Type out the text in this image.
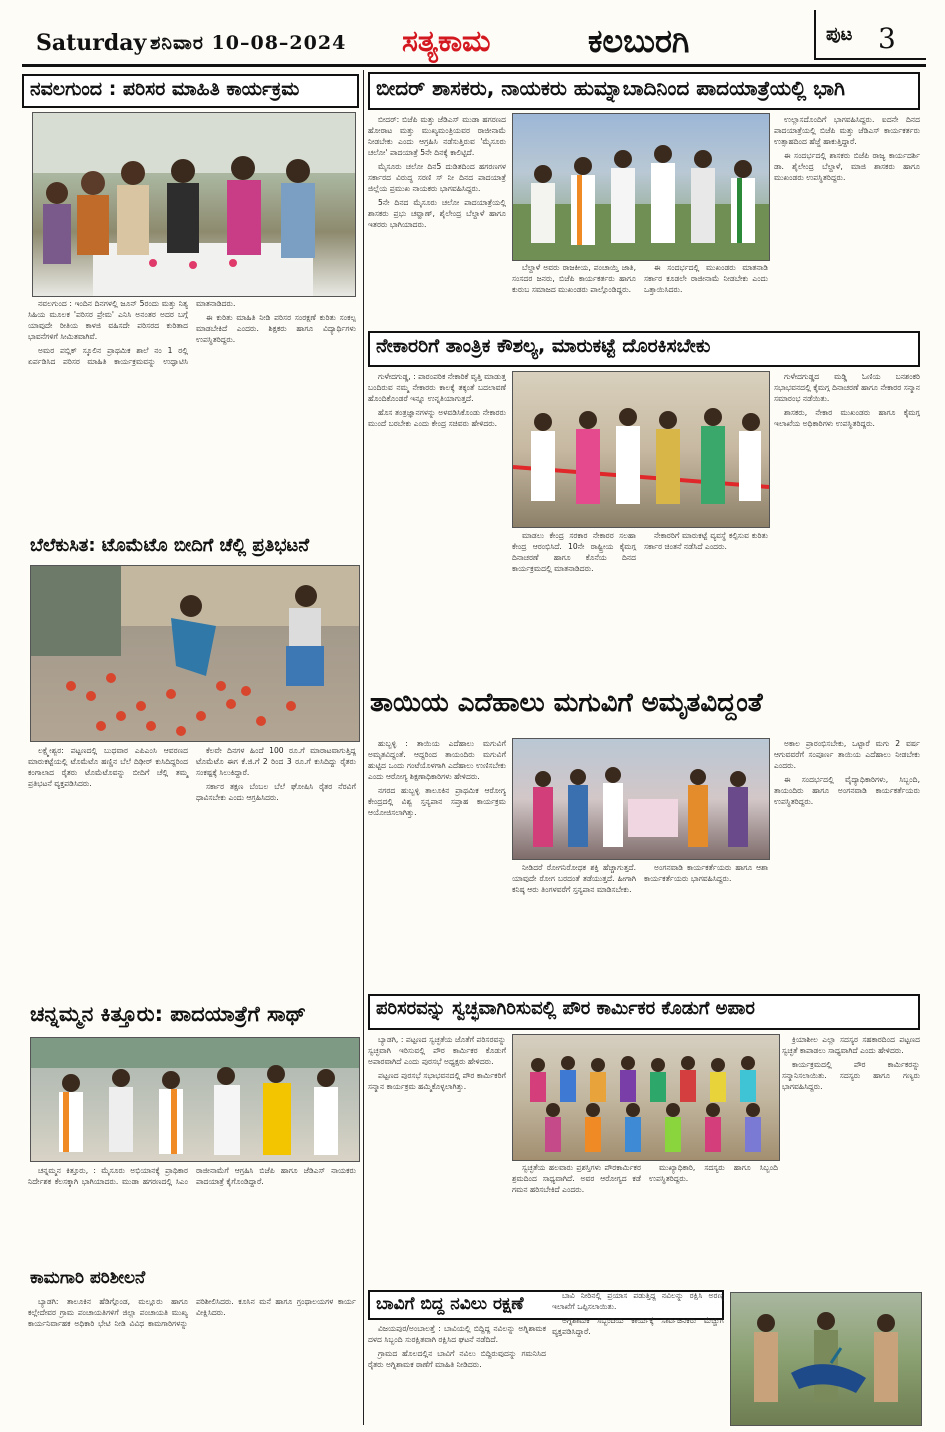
Saturday ಶನಿವಾರ 10–08–2024 ಸತ್ಯಕಾಮ	ಕಲಬುರಗಿ	ಪುಟ 3
ನವಲಗುಂದ : ಪರಿಸರ ಮಾಹಿತಿ ಕಾರ್ಯಕ್ರಮ

ನವಲಗುಂದ : ಇಂದಿನ ದಿನಗಳಲ್ಲಿ ಜೂನ್ 5ರಂದು ಮತ್ತು ನಿತ್ಯ ಸಿಹಿಯ ಮೂಲಕ 'ಪರಿಸರ ಪ್ರೇಮ' ಎನಿಸಿ ಅನಂತರ ಅದರ ಬಗ್ಗೆ ಯಾವುದೇ ರೀತಿಯ ಕಾಳಜಿ ವಹಿಸದೇ ಪರಿಸರದ ಕುರಿತಾದ ಭಾವನೆಗಳಿಗೆ ಸೀಮಿತವಾಗಿವೆ.

ಅಮರ ಪಬ್ಲಿಕ್ ಸ್ಕೂಲಿನ ಪ್ರಾಥಮಿಕ ಶಾಲೆ ನಂ 1 ರಲ್ಲಿ ಏರ್ಪಡಿಸಿದ ಪರಿಸರ ಮಾಹಿತಿ ಕಾರ್ಯಕ್ರಮವನ್ನು ಉದ್ಘಾಟಿಸಿ ಮಾತನಾಡಿದರು.

ಈ ಕುರಿತು ಮಾಹಿತಿ ನೀಡಿ ಪರಿಸರ ಸಂರಕ್ಷಣೆ ಕುರಿತು ಸಂಕಲ್ಪ ಮಾಡಬೇಕಿದೆ ಎಂದರು. ಶಿಕ್ಷಕರು ಹಾಗೂ ವಿದ್ಯಾರ್ಥಿಗಳು ಉಪಸ್ಥಿತರಿದ್ದರು.

ಬೆಲೆಕುಸಿತ: ಟೊಮೆಟೊ ಬೀದಿಗೆ ಚೆಲ್ಲಿ ಪ್ರತಿಭಟನೆ

ಲಕ್ಷ್ಮೇಶ್ವರ: ಪಟ್ಟಣದಲ್ಲಿ ಬುಧವಾರ ಎಪಿಎಂಸಿ ಆವರಣದ ಮಾರುಕಟ್ಟೆಯಲ್ಲಿ ಟೊಮೆಟೊ ಹಣ್ಣಿನ ಬೆಲೆ ದಿಢೀರ್ ಕುಸಿದಿದ್ದರಿಂದ ಕಂಗಾಲಾದ ರೈತರು ಟೊಮೆಟೊವನ್ನು ಬೀದಿಗೆ ಚೆಲ್ಲಿ ತಮ್ಮ ಪ್ರತಿಭಟನೆ ವ್ಯಕ್ತಪಡಿಸಿದರು.

ಕೆಲವೇ ದಿನಗಳ ಹಿಂದೆ 100 ರೂ.ಗೆ ಮಾರಾಟವಾಗುತ್ತಿದ್ದ ಟೊಮೆಟೊ ಈಗ ಕೆ.ಜಿ.ಗೆ 2 ರಿಂದ 3 ರೂ.ಗೆ ಕುಸಿದಿದ್ದು ರೈತರು ಸಂಕಷ್ಟಕ್ಕೆ ಸಿಲುಕಿದ್ದಾರೆ.

ಸರ್ಕಾರ ತಕ್ಷಣ ಬೆಂಬಲ ಬೆಲೆ ಘೋಷಿಸಿ ರೈತರ ನೆರವಿಗೆ ಧಾವಿಸಬೇಕು ಎಂದು ಆಗ್ರಹಿಸಿದರು.

ಚನ್ನಮ್ಮನ ಕಿತ್ತೂರು: ಪಾದಯಾತ್ರೆಗೆ ಸಾಥ್

ಚನ್ನಮ್ಮನ ಕಿತ್ತೂರು, : ಮೈಸೂರು ಅಭಿಯಾನಕ್ಕೆ ಪ್ರಾಥಿಕಾರ ನಿರ್ದೇಶಕ ಕೆಲಸಕ್ಕಾಗಿ ಭಾಗಿಯಾದರು. ಮುಡಾ ಹಗರಣದಲ್ಲಿ ಸಿಎಂ ರಾಜೀನಾಮೆಗೆ ಆಗ್ರಹಿಸಿ ಬಿಜೆಪಿ ಹಾಗೂ ಜೆಡಿಎಸ್ ನಾಯಕರು ಪಾದಯಾತ್ರೆ ಕೈಗೊಂಡಿದ್ದಾರೆ.

ಕಾಮಗಾರಿ ಪರಿಶೀಲನೆ

ಬ್ಯಾಡಗಿ: ತಾಲೂಕಿನ ಹೆಡಿಗ್ಗೊಂಡ, ಮಲ್ಲೂರು ಹಾಗೂ ಕಲ್ಲೇದೇವರ ಗ್ರಾಮ ಪಂಚಾಯತಿಗಳಿಗೆ ಜಿಲ್ಲಾ ಪಂಚಾಯತಿ ಮುಖ್ಯ ಕಾರ್ಯನಿರ್ವಾಹಕ ಅಧಿಕಾರಿ ಭೇಟಿ ನೀಡಿ ವಿವಿಧ ಕಾಮಗಾರಿಗಳನ್ನು ಪರಿಶೀಲಿಸಿದರು. ಕೂಸಿನ ಮನೆ ಹಾಗೂ ಗ್ರಂಥಾಲಯಗಳ ಕಾರ್ಯ ವೀಕ್ಷಿಸಿದರು.

ಬೀದರ್ ಶಾಸಕರು, ನಾಯಕರು ಹುಮ್ನಾಬಾದಿನಿಂದ ಪಾದಯಾತ್ರೆಯಲ್ಲಿ ಭಾಗಿ

ಬೀದರ್: ಬಿಜೆಪಿ ಮತ್ತು ಜೆಡಿಎಸ್ ಮುಡಾ ಹಗರಣದ ಹೋರಾಟ ಮತ್ತು ಮುಖ್ಯಮಂತ್ರಿಯವರ ರಾಜೀನಾಮೆ ನೀಡಬೇಕು ಎಂದು ಆಗ್ರಹಿಸಿ ನಡೆಸುತ್ತಿರುವ 'ಮೈಸೂರು ಚಲೋ' ಪಾದಯಾತ್ರೆ 5ನೇ ದಿನಕ್ಕೆ ಕಾಲಿಟ್ಟಿದೆ.

ಮೈಸೂರು ಚಲೋ ದಿನ5 ದುಡಿತದಿಂದ ಹಗರಣಗಳ ಸರ್ಕಾರದ ವಿರುದ್ಧ ಸರಣಿ ಸ್ ನೀ ದಿನದ ಪಾದಯಾತ್ರೆ ಜಿಲ್ಲೆಯ ಪ್ರಮುಖ ನಾಯಕರು ಭಾಗವಹಿಸಿದ್ದರು.

5ನೇ ದಿನದ ಮೈಸೂರು ಚಲೋ ಪಾದಯಾತ್ರೆಯಲ್ಲಿ ಶಾಸಕರು ಪ್ರಭು ಚವ್ಹಾಣ್, ಶೈಲೇಂದ್ರ ಬೆಲ್ದಾಳೆ ಹಾಗೂ ಇತರರು ಭಾಗಿಯಾದರು.

ಬೆಲ್ದಾಳೆ ಅವರು ರಾಜಕೀಯ, ಪಂಚಾಯ್ತಿ ಜಾತಿ, ಸಂಸದರ ಜನರು, ಬಿಜೆಪಿ ಕಾರ್ಯಕರ್ತರು ಹಾಗೂ ಕುರುಬ ಸಮಾಜದ ಮುಖಂಡರು ಪಾಲ್ಗೊಂಡಿದ್ದರು.

ಈ ಸಂದರ್ಭದಲ್ಲಿ ಮುಖಂಡರು ಮಾತನಾಡಿ ಸರ್ಕಾರ ಕೂಡಲೇ ರಾಜೀನಾಮೆ ನೀಡಬೇಕು ಎಂದು ಒತ್ತಾಯಿಸಿದರು.

ಉಲ್ಲಾಸದೊಂದಿಗೆ ಭಾಗವಹಿಸಿದ್ದರು. ಐದನೇ ದಿನದ ಪಾದಯಾತ್ರೆಯಲ್ಲಿ ಬಿಜೆಪಿ ಮತ್ತು ಜೆಡಿಎಸ್ ಕಾರ್ಯಕರ್ತರು ಉತ್ಸಾಹದಿಂದ ಹೆಜ್ಜೆ ಹಾಕುತ್ತಿದ್ದಾರೆ.

ಈ ಸಂದರ್ಭದಲ್ಲಿ ಶಾಸಕರು ಬಿಜೆಪಿ ರಾಜ್ಯ ಕಾರ್ಯದರ್ಶಿ ಡಾ. ಶೈಲೇಂದ್ರ ಬೆಲ್ದಾಳೆ, ಮಾಜಿ ಶಾಸಕರು ಹಾಗೂ ಮುಖಂಡರು ಉಪಸ್ಥಿತರಿದ್ದರು.

ನೇಕಾರರಿಗೆ ತಾಂತ್ರಿಕ ಕೌಶಲ್ಯ, ಮಾರುಕಟ್ಟೆ ದೊರಕಿಸಬೇಕು

ಗುಳೇದಗುಡ್ಡ, : ಪಾರಂಪರಿಕ ನೇಕಾರಿಕೆ ವೃತ್ತಿ ಮಾಡುತ್ತ ಬಂದಿರುವ ನಮ್ಮ ನೇಕಾರರು ಕಾಲಕ್ಕೆ ತಕ್ಕಂತೆ ಬದಲಾವಣೆ ಹೊಂದಿಕೊಂಡರೆ ಇನ್ನೂ ಉನ್ನತಿಯಾಗುತ್ತದೆ.

ಹೊಸ ತಂತ್ರಜ್ಞಾನಗಳನ್ನು ಅಳವಡಿಸಿಕೊಂಡು ನೇಕಾರರು ಮುಂದೆ ಬರಬೇಕು ಎಂದು ಕೇಂದ್ರ ಸಚಿವರು ಹೇಳಿದರು.

ಮಾಡಲು ಕೇಂದ್ರ ಸರಕಾರ ನೇಕಾರರ ಸಲಹಾ ಕೇಂದ್ರ ಆರಂಭಿಸಿದೆ. 10ನೇ ರಾಷ್ಟ್ರೀಯ ಕೈಮಗ್ಗ ದಿನಾಚರಣೆ ಹಾಗೂ ಕೊನೆಯ ದಿನದ ಕಾರ್ಯಕ್ರಮದಲ್ಲಿ ಮಾತನಾಡಿದರು.

ನೇಕಾರರಿಗೆ ಮಾರುಕಟ್ಟೆ ವ್ಯವಸ್ಥೆ ಕಲ್ಪಿಸುವ ಕುರಿತು ಸರ್ಕಾರ ಚಿಂತನೆ ನಡೆಸಿದೆ ಎಂದರು.

ಗುಳೇದಗುಡ್ಡದ ಮಡ್ಡಿ ಓಣಿಯ ಬನಶಂಕರಿ ಸಭಾಭವನದಲ್ಲಿ ಕೈಮಗ್ಗ ದಿನಾಚರಣೆ ಹಾಗೂ ನೇಕಾರರ ಸನ್ಮಾನ ಸಮಾರಂಭ ನಡೆಯಿತು.

ಶಾಸಕರು, ನೇಕಾರ ಮುಖಂಡರು ಹಾಗೂ ಕೈಮಗ್ಗ ಇಲಾಖೆಯ ಅಧಿಕಾರಿಗಳು ಉಪಸ್ಥಿತರಿದ್ದರು.

ತಾಯಿಯ ಎದೆಹಾಲು ಮಗುವಿಗೆ ಅಮೃತವಿದ್ದಂತೆ

ಹುಬ್ಬಳ್ಳಿ : ತಾಯಿಯ ಎದೆಹಾಲು ಮಗುವಿಗೆ ಅಮೃತವಿದ್ದಂತೆ. ಆದ್ದರಿಂದ ತಾಯಂದಿರು ಮಗುವಿಗೆ ಹುಟ್ಟಿದ ಒಂದು ಗಂಟೆಯೊಳಗಾಗಿ ಎದೆಹಾಲು ಉಣಿಸಬೇಕು ಎಂದು ಆರೋಗ್ಯ ಶಿಕ್ಷಣಾಧಿಕಾರಿಗಳು ಹೇಳಿದರು.

ನಗರದ ಹುಬ್ಬಳ್ಳಿ ತಾಲೂಕಿನ ಪ್ರಾಥಮಿಕ ಆರೋಗ್ಯ ಕೇಂದ್ರದಲ್ಲಿ ವಿಶ್ವ ಸ್ತನ್ಯಪಾನ ಸಪ್ತಾಹ ಕಾರ್ಯಕ್ರಮ ಆಯೋಜಿಸಲಾಗಿತ್ತು.

ನೀಡಿದರೆ ರೋಗನಿರೋಧಕ ಶಕ್ತಿ ಹೆಚ್ಚಾಗುತ್ತದೆ. ಯಾವುದೇ ರೋಗ ಬರದಂತೆ ತಡೆಯುತ್ತದೆ. ಹೀಗಾಗಿ ಕನಿಷ್ಠ ಆರು ತಿಂಗಳವರೆಗೆ ಸ್ತನ್ಯಪಾನ ಮಾಡಿಸಬೇಕು.

ಅಂಗನವಾಡಿ ಕಾರ್ಯಕರ್ತೆಯರು ಹಾಗೂ ಆಶಾ ಕಾರ್ಯಕರ್ತೆಯರು ಭಾಗವಹಿಸಿದ್ದರು.

ಅಕಾಲ ಪ್ರಾರಂಭಿಸಬೇಕು, ಒಟ್ಟಾರೆ ಮಗು 2 ವರ್ಷ ಆಗುವವರೆಗೆ ಸಂಪೂರ್ಣ ತಾಯಿಯ ಎದೆಹಾಲು ನೀಡಬೇಕು ಎಂದರು.

ಈ ಸಂದರ್ಭದಲ್ಲಿ ವೈದ್ಯಾಧಿಕಾರಿಗಳು, ಸಿಬ್ಬಂದಿ, ತಾಯಂದಿರು ಹಾಗೂ ಅಂಗನವಾಡಿ ಕಾರ್ಯಕರ್ತೆಯರು ಉಪಸ್ಥಿತರಿದ್ದರು.

ಪರಿಸರವನ್ನು ಸ್ವಚ್ಛವಾಗಿರಿಸುವಲ್ಲಿ ಪೌರ ಕಾರ್ಮಿಕರ ಕೊಡುಗೆ ಅಪಾರ

ಬ್ಯಾಡಗಿ, : ಪಟ್ಟಣದ ಸ್ವಚ್ಛತೆಯ ಜೊತೆಗೆ ಪರಿಸರವನ್ನು ಸ್ವಚ್ಛವಾಗಿ ಇರಿಸುವಲ್ಲಿ ಪೌರ ಕಾರ್ಮಿಕರ ಕೊಡುಗೆ ಅಪಾರವಾಗಿದೆ ಎಂದು ಪುರಸಭೆ ಅಧ್ಯಕ್ಷರು ಹೇಳಿದರು.

ಪಟ್ಟಣದ ಪುರಸಭೆ ಸಭಾಭವನದಲ್ಲಿ ಪೌರ ಕಾರ್ಮಿಕರಿಗೆ ಸನ್ಮಾನ ಕಾರ್ಯಕ್ರಮ ಹಮ್ಮಿಕೊಳ್ಳಲಾಗಿತ್ತು.

ಸ್ವಚ್ಛತೆಯ ಹಲವಾರು ಪ್ರಶಸ್ತಿಗಳು ಪೌರಕಾರ್ಮಿಕರ ಶ್ರಮದಿಂದ ಸಾಧ್ಯವಾಗಿದೆ. ಅವರ ಆರೋಗ್ಯದ ಕಡೆ ಗಮನ ಹರಿಸಬೇಕಿದೆ ಎಂದರು.

ಮುಖ್ಯಾಧಿಕಾರಿ, ಸದಸ್ಯರು ಹಾಗೂ ಸಿಬ್ಬಂದಿ ಉಪಸ್ಥಿತರಿದ್ದರು.

ಕ್ರಿಯಾಶೀಲ ಎಲ್ಲಾ ಸದಸ್ಯರ ಸಹಕಾರದಿಂದ ಪಟ್ಟಣದ ಸ್ವಚ್ಛತೆ ಕಾಪಾಡಲು ಸಾಧ್ಯವಾಗಿದೆ ಎಂದು ಹೇಳಿದರು.

ಕಾರ್ಯಕ್ರಮದಲ್ಲಿ ಪೌರ ಕಾರ್ಮಿಕರನ್ನು ಸನ್ಮಾನಿಸಲಾಯಿತು. ಸದಸ್ಯರು ಹಾಗೂ ಗಣ್ಯರು ಭಾಗವಹಿಸಿದ್ದರು.

ಬಾವಿಗೆ ಬಿದ್ದ ನವಿಲು ರಕ್ಷಣೆ

ವಿಜಯಪುರ/ಅಂಬಾಲತ್ತೆ : ಬಾವಿಯಲ್ಲಿ ಬಿದ್ದಿದ್ದ ನವಿಲನ್ನು ಅಗ್ನಿಶಾಮಕ ದಳದ ಸಿಬ್ಬಂದಿ ಸುರಕ್ಷಿತವಾಗಿ ರಕ್ಷಿಸಿದ ಘಟನೆ ನಡೆದಿದೆ.

ಗ್ರಾಮದ ಹೊಲದಲ್ಲಿನ ಬಾವಿಗೆ ನವಿಲು ಬಿದ್ದಿರುವುದನ್ನು ಗಮನಿಸಿದ ರೈತರು ಅಗ್ನಿಶಾಮಕ ಠಾಣೆಗೆ ಮಾಹಿತಿ ನೀಡಿದರು.

ಬಾವಿ ನೀರಿನಲ್ಲಿ ಪ್ರಯಾಸ ಪಡುತ್ತಿದ್ದ ನವಿಲನ್ನು ರಕ್ಷಿಸಿ ಅರಣ್ಯ ಇಲಾಖೆಗೆ ಒಪ್ಪಿಸಲಾಯಿತು.

ಅಗ್ನಿಶಾಮಕ ಸಿಬ್ಬಂದಿಯ ಕಾರ್ಯಕ್ಕೆ ಸಾರ್ವಜನಿಕರು ಮೆಚ್ಚುಗೆ ವ್ಯಕ್ತಪಡಿಸಿದ್ದಾರೆ.
